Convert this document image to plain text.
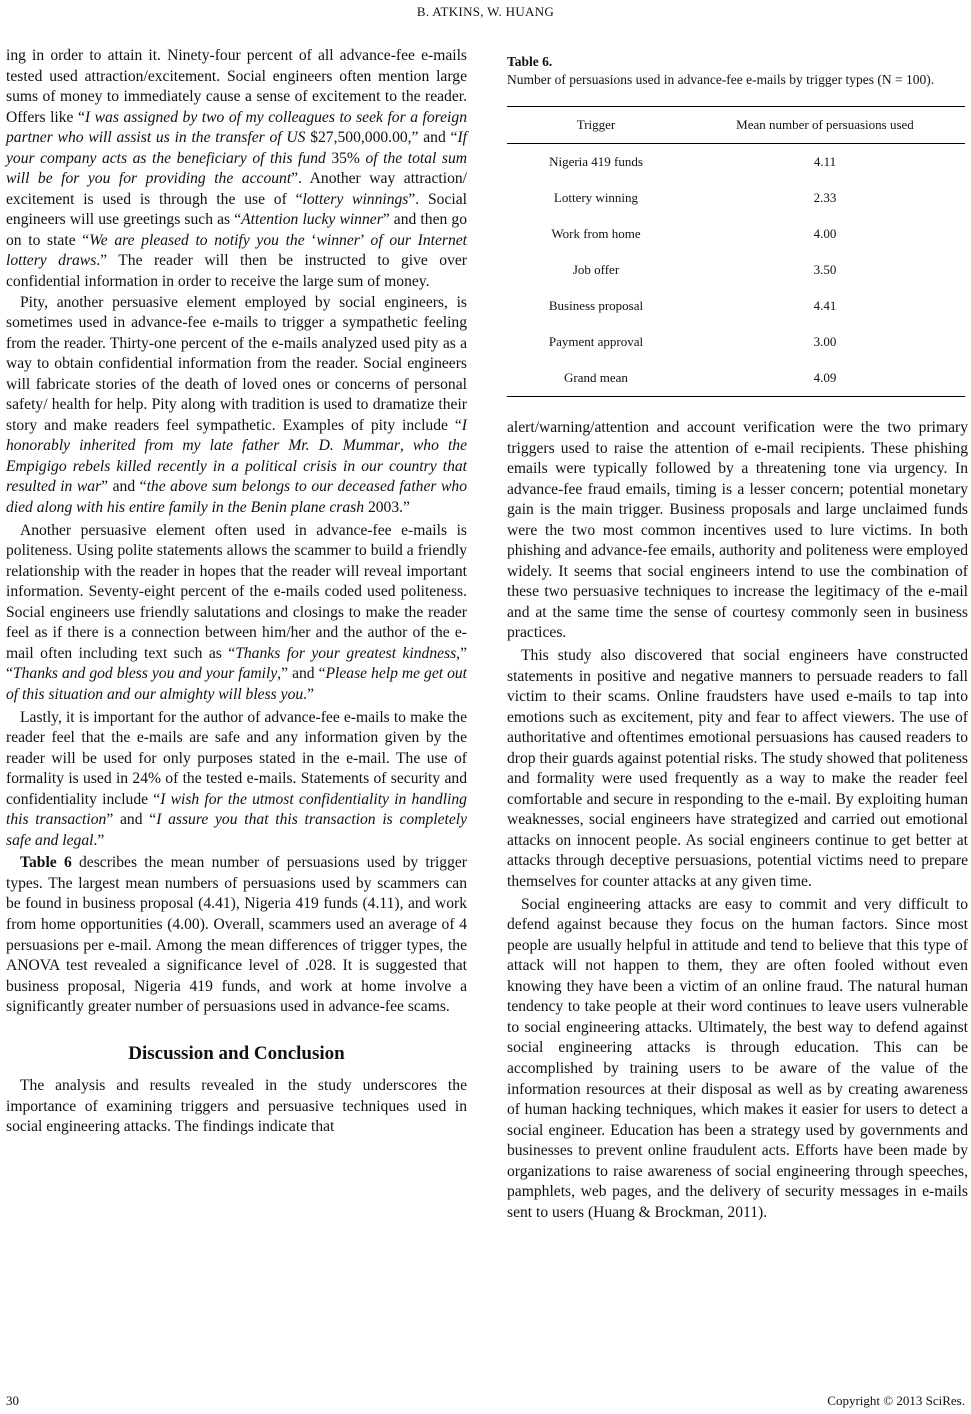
B. ATKINS, W. HUANG

ing in order to attain it. Ninety-four percent of all advance-fee e-mails tested used attraction/excitement. Social engineers often mention large sums of money to immediately cause a sense of excitement to the reader. Offers like “I was assigned by two of my colleagues to seek for a foreign partner who will assist us in the transfer of US $27,500,000.00,” and “If your company acts as the beneficiary of this fund 35% of the total sum will be for you for providing the account”. Another way attraction/ excitement is used is through the use of “lottery winnings”. Social engineers will use greetings such as “Attention lucky winner” and then go on to state “We are pleased to notify you the ‘winner’ of our Internet lottery draws.” The reader will then be instructed to give over confidential information in order to receive the large sum of money.

Pity, another persuasive element employed by social engineers, is sometimes used in advance-fee e-mails to trigger a sympathetic feeling from the reader. Thirty-one percent of the e-mails analyzed used pity as a way to obtain confidential information from the reader. Social engineers will fabricate stories of the death of loved ones or concerns of personal safety/ health for help. Pity along with tradition is used to dramatize their story and make readers feel sympathetic. Examples of pity include “I honorably inherited from my late father Mr. D. Mummar, who the Empigigo rebels killed recently in a political crisis in our country that resulted in war” and “the above sum belongs to our deceased father who died along with his entire family in the Benin plane crash 2003.”

Another persuasive element often used in advance-fee e-mails is politeness. Using polite statements allows the scammer to build a friendly relationship with the reader in hopes that the reader will reveal important information. Seventy-eight percent of the e-mails coded used politeness. Social engineers use friendly salutations and closings to make the reader feel as if there is a connection between him/her and the author of the e-mail often including text such as “Thanks for your greatest kindness,” “Thanks and god bless you and your family,” and “Please help me get out of this situation and our almighty will bless you.”

Lastly, it is important for the author of advance-fee e-mails to make the reader feel that the e-mails are safe and any information given by the reader will be used for only purposes stated in the e-mail. The use of formality is used in 24% of the tested e-mails. Statements of security and confidentiality include “I wish for the utmost confidentiality in handling this transaction” and “I assure you that this transaction is completely safe and legal.”

Table 6 describes the mean number of persuasions used by trigger types. The largest mean numbers of persuasions used by scammers can be found in business proposal (4.41), Nigeria 419 funds (4.11), and work from home opportunities (4.00). Overall, scammers used an average of 4 persuasions per e-mail. Among the mean differences of trigger types, the ANOVA test revealed a significance level of .028. It is suggested that business proposal, Nigeria 419 funds, and work at home involve a significantly greater number of persuasions used in advance-fee scams.

Discussion and Conclusion

The analysis and results revealed in the study underscores the importance of examining triggers and persuasive techniques used in social engineering attacks. The findings indicate that

Table 6.

Number of persuasions used in advance-fee e-mails by trigger types (N = 100).

Trigger	Mean number of persuasions used
Nigeria 419 funds	4.11
Lottery winning	2.33
Work from home	4.00
Job offer	3.50
Business proposal	4.41
Payment approval	3.00
Grand mean	4.09

alert/warning/attention and account verification were the two primary triggers used to raise the attention of e-mail recipients. These phishing emails were typically followed by a threatening tone via urgency. In advance-fee fraud emails, timing is a lesser concern; potential monetary gain is the main trigger. Business proposals and large unclaimed funds were the two most common incentives used to lure victims. In both phishing and advance-fee emails, authority and politeness were employed widely. It seems that social engineers intend to use the combination of these two persuasive techniques to increase the legitimacy of the e-mail and at the same time the sense of courtesy commonly seen in business practices.

This study also discovered that social engineers have constructed statements in positive and negative manners to persuade readers to fall victim to their scams. Online fraudsters have used e-mails to tap into emotions such as excitement, pity and fear to affect viewers. The use of authoritative and oftentimes emotional persuasions has caused readers to drop their guards against potential risks. The study showed that politeness and formality were used frequently as a way to make the reader feel comfortable and secure in responding to the e-mail. By exploiting human weaknesses, social engineers have strategized and carried out emotional attacks on innocent people. As social engineers continue to get better at attacks through deceptive persuasions, potential victims need to prepare themselves for counter attacks at any given time.

Social engineering attacks are easy to commit and very difficult to defend against because they focus on the human factors. Since most people are usually helpful in attitude and tend to believe that this type of attack will not happen to them, they are often fooled without even knowing they have been a victim of an online fraud. The natural human tendency to take people at their word continues to leave users vulnerable to social engineering attacks. Ultimately, the best way to defend against social engineering attacks is through education. This can be accomplished by training users to be aware of the value of the information resources at their disposal as well as by creating awareness of human hacking techniques, which makes it easier for users to detect a social engineer. Education has been a strategy used by governments and businesses to prevent online fraudulent acts. Efforts have been made by organizations to raise awareness of social engineering through speeches, pamphlets, web pages, and the delivery of security messages in e-mails sent to users (Huang & Brockman, 2011).

30	Copyright © 2013 SciRes.
